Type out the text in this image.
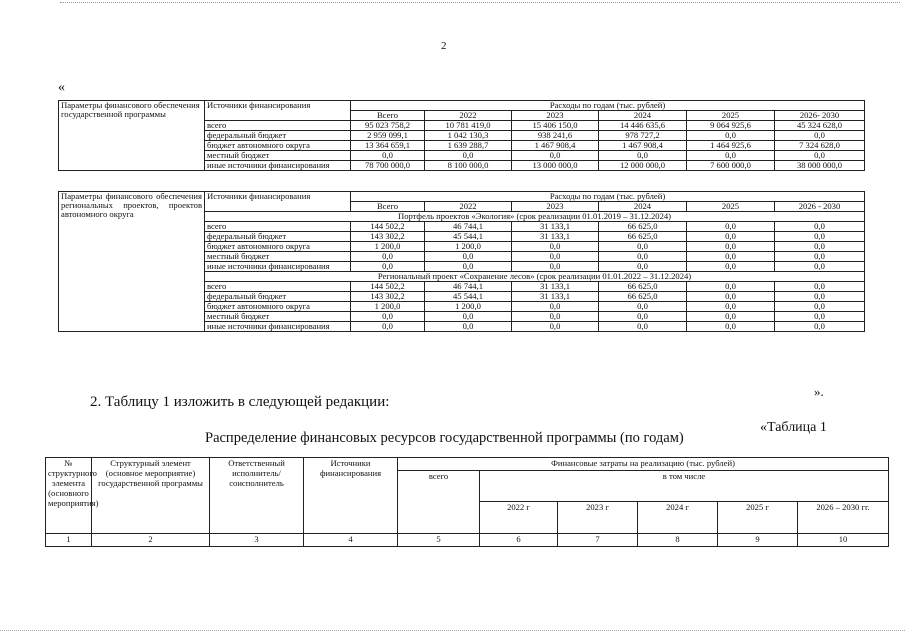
2
«
Параметры финансового обеспечения государственной программы	Источники финансирования	Расходы по годам (тыс. рублей)					
		Всего	2022	2023	2024	2025	2026- 2030
	всего	95 023 758,2	10 781 419,0	15 406 150,0	14 446 635,6	9 064 925,6	45 324 628,0
	федеральный бюджет	2 959 099,1	1 042 130,3	938 241,6	978 727,2	0,0	0,0
	бюджет автономного округа	13 364 659,1	1 639 288,7	1 467 908,4	1 467 908,4	1 464 925,6	7 324 628,0
	местный бюджет	0,0	0,0	0,0	0,0	0,0	0,0
	иные источники финансирования	78 700 000,0	8 100 000,0	13 000 000,0	12 000 000,0	7 600 000,0	38 000 000,0
Параметры финансового обеспечения региональных проектов, проектов автономного округа	Источники финансирования	Расходы по годам (тыс. рублей)					
		Всего	2022	2023	2024	2025	2026 - 2030
	Портфель проектов «Экология» (срок реализации 01.01.2019 – 31.12.2024)						
	всего	144 502,2	46 744,1	31 133,1	66 625,0	0,0	0,0
	федеральный бюджет	143 302,2	45 544,1	31 133,1	66 625,0	0,0	0,0
	бюджет автономного округа	1 200,0	1 200,0	0,0	0,0	0,0	0,0
	местный бюджет	0,0	0,0	0,0	0,0	0,0	0,0
	иные источники финансирования	0,0	0,0	0,0	0,0	0,0	0,0
	Региональный проект «Сохранение лесов» (срок реализации 01.01.2022 – 31.12.2024)						
	всего	144 502,2	46 744,1	31 133,1	66 625,0	0,0	0,0
	федеральный бюджет	143 302,2	45 544,1	31 133,1	66 625,0	0,0	0,0
	бюджет автономного округа	1 200,0	1 200,0	0,0	0,0	0,0	0,0
	местный бюджет	0,0	0,0	0,0	0,0	0,0	0,0
	иные источники финансирования	0,0	0,0	0,0	0,0	0,0	0,0
».
2. Таблицу 1 изложить в следующей редакции:
«Таблица 1
Распределение финансовых ресурсов государственной программы (по годам)
№ структурного элемента (основного мероприятия)	Структурный элемент (основное мероприятие) государственной программы	Ответственный исполнитель/соисполнитель	Источники финансирования	Финансовые затраты на реализацию (тыс. рублей)					
				всего	в том числе				
					2022 г	2023 г	2024 г	2025 г	2026 – 2030 гг.
1	2	3	4	5	6	7	8	9	10
